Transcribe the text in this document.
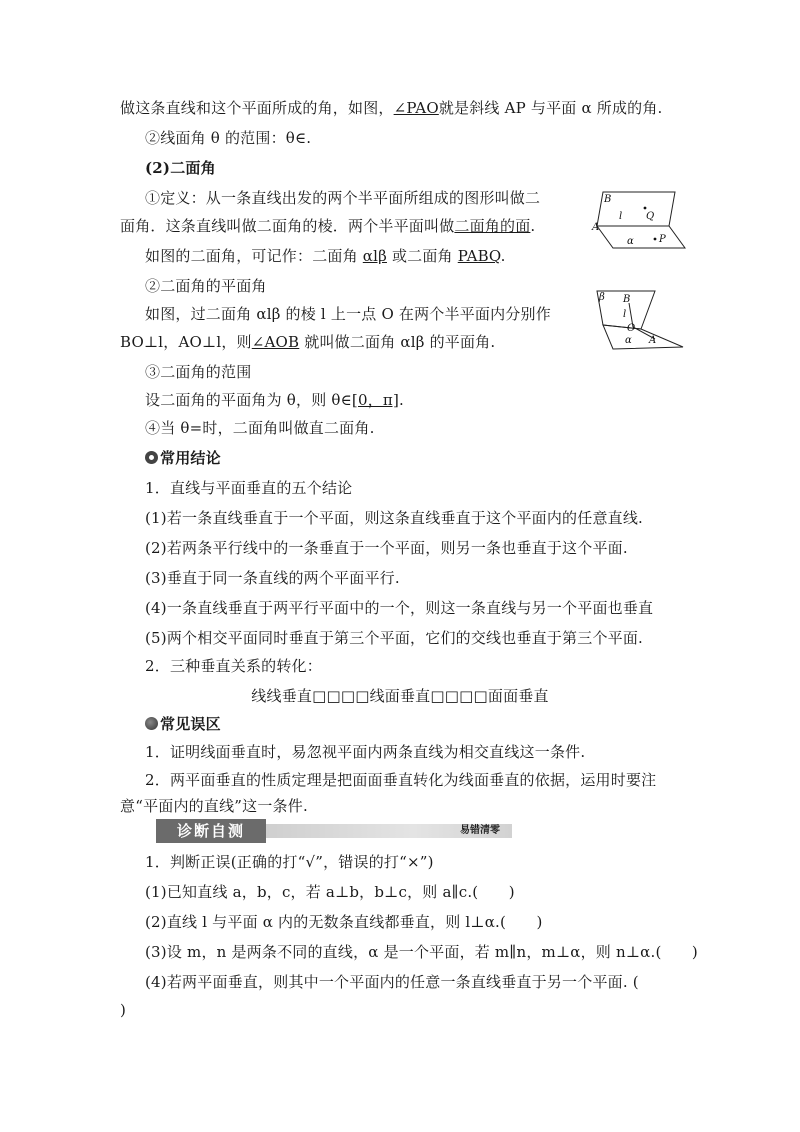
做这条直线和这个平面所成的角，如图，∠PAO就是斜线 AP 与平面 α 所成的角.
②线面角 θ 的范围：θ∈.
(2)二面角
①定义：从一条直线出发的两个半平面所组成的图形叫做二
面角．这条直线叫做二面角的棱．两个半平面叫做二面角的面.
如图的二面角，可记作：二面角 αlβ 或二面角 PABQ.
②二面角的平面角
如图，过二面角 αlβ 的棱 l 上一点 O 在两个半平面内分别作
BO⊥l，AO⊥l，则∠AOB 就叫做二面角 αlβ 的平面角.
③二面角的范围
设二面角的平面角为 θ，则 θ∈[0，π].
④当 θ=时，二面角叫做直二面角.
B
Q
l
A
α	P
β B
l
O
α A
常用结论
1．直线与平面垂直的五个结论
(1)若一条直线垂直于一个平面，则这条直线垂直于这个平面内的任意直线.
(2)若两条平行线中的一条垂直于一个平面，则另一条也垂直于这个平面.
(3)垂直于同一条直线的两个平面平行.
(4)一条直线垂直于两平行平面中的一个，则这一条直线与另一个平面也垂直
(5)两个相交平面同时垂直于第三个平面，它们的交线也垂直于第三个平面.
2．三种垂直关系的转化：
线线垂直□□□□线面垂直□□□□面面垂直
常见误区
1．证明线面垂直时，易忽视平面内两条直线为相交直线这一条件.
2．两平面垂直的性质定理是把面面垂直转化为线面垂直的依据，运用时要注
意“平面内的直线”这一条件.
诊断自测	易错清零
1．判断正误(正确的打“√”，错误的打“×”)
(1)已知直线 a，b，c，若 a⊥b，b⊥c，则 a∥c.(　　)
(2)直线 l 与平面 α 内的无数条直线都垂直，则 l⊥α.(　　)
(3)设 m，n 是两条不同的直线，α 是一个平面，若 m∥n，m⊥α，则 n⊥α.(　　)
(4)若两平面垂直，则其中一个平面内的任意一条直线垂直于另一个平面. (
)
